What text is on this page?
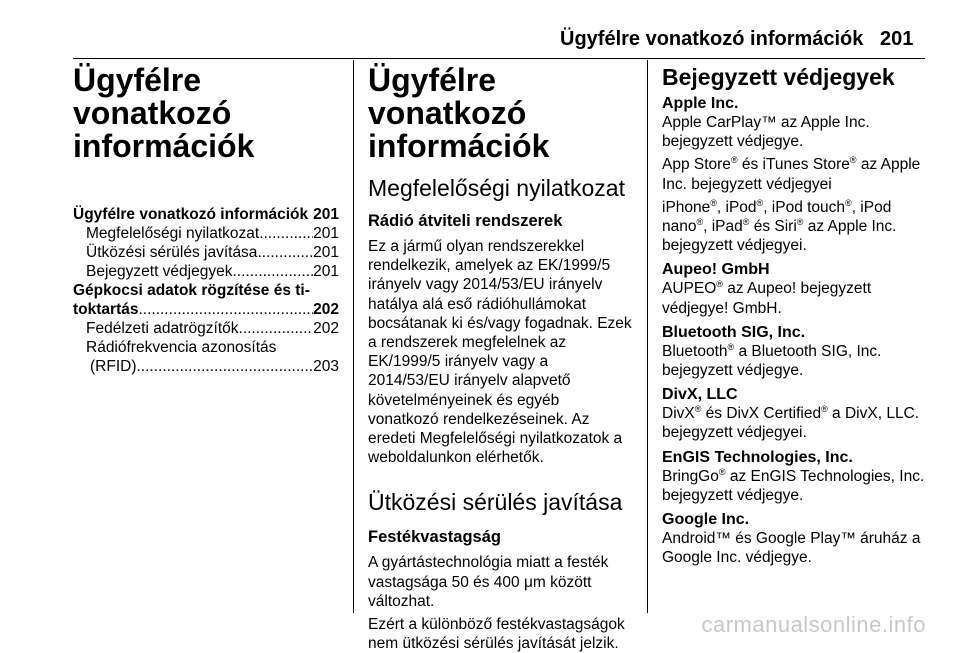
Ügyfélre vonatkozó információk 201
Ügyfélre vonatkozó
információk
Ügyfélre vonatkozó információk 201
Megfelelőségi nyilatkozat .....	201
Ütközési sérülés javítása .....	201
Bejegyzett védjegyek .....	201
Gépkocsi adatok rögzítése és ti-
toktartás .....	202
Fedélzeti adatrögzítők .....	202
Rádiófrekvencia azonosítás
(RFID) .....	203
Ügyfélre vonatkozó
információk
Megfelelőségi nyilatkozat
Rádió átviteli rendszerek

Ez a jármű olyan rendszerekkel rendelkezik, amelyek az EK/1999/5 irányelv vagy 2014/53/EU irányelv hatálya alá eső rádióhullámokat bocsátanak ki és/vagy fogadnak. Ezek a rendszerek megfelelnek az EK/1999/5 irányelv vagy a 2014/53/EU irányelv alapvető követelményeinek és egyéb vonatkozó rendelkezéseinek. Az eredeti Megfelelőségi nyilatkozatok a weboldalunkon elérhetők.

Ütközési sérülés javítása
Festékvastagság

A gyártástechnológia miatt a festék vastagsága 50 és 400 μm között változhat.

Ezért a különböző festékvastagságok nem ütközési sérülés javítását jelzik.

Bejegyzett védjegyek
Apple Inc.

Apple CarPlay™ az Apple Inc. bejegyzett védjegye.

App Store® és iTunes Store® az Apple Inc. bejegyzett védjegyei

iPhone®, iPod®, iPod touch®, iPod nano®, iPad® és Siri® az Apple Inc. bejegyzett védjegyei.

Aupeo! GmbH

AUPEO® az Aupeo! bejegyzett védjegye! GmbH.

Bluetooth SIG, Inc.

Bluetooth® a Bluetooth SIG, Inc. bejegyzett védjegye.

DivX, LLC

DivX® és DivX Certified® a DivX, LLC. bejegyzett védjegyei.

EnGIS Technologies, Inc.

BringGo® az EnGIS Technologies, Inc. bejegyzett védjegye.

Google Inc.

Android™ és Google Play™ áruház a Google Inc. védjegye.

carmanualsonline.info
